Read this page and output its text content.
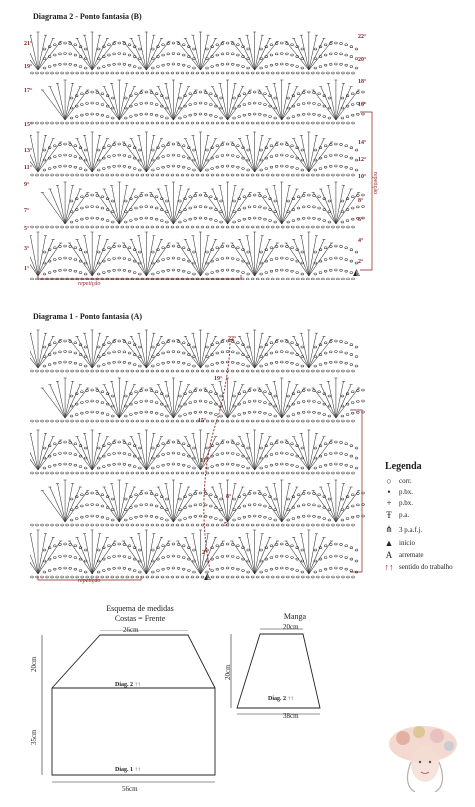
Diagrama 2 - Ponto fantasia (B)
21°
19°
17°
15°
13°
11°
9°
7°
5°
3°
1°
22°
20°
18°
16°
14°
12°
10°
8°
6°
4°
2°
repetição
◭
repetição
Diagrama 1 - Ponto fantasia (A)
22°
19°
15°
11°
8°
5°
2°
◭
repetição
Legenda
○	corr.
•	p.bx.
+	p.bx.
Ŧ	p.a.
⋔ 3 p.a.f.j.
▲ início
A arremate
↑↑ sentido do trabalho
Esquema de medidas
Costas = Frente
26cm
20cm
35cm
Diag. 2 ↑↑
Diag. 1 ↑↑
56cm
Manga
20cm
20cm
Diag. 2 ↑↑
38cm
